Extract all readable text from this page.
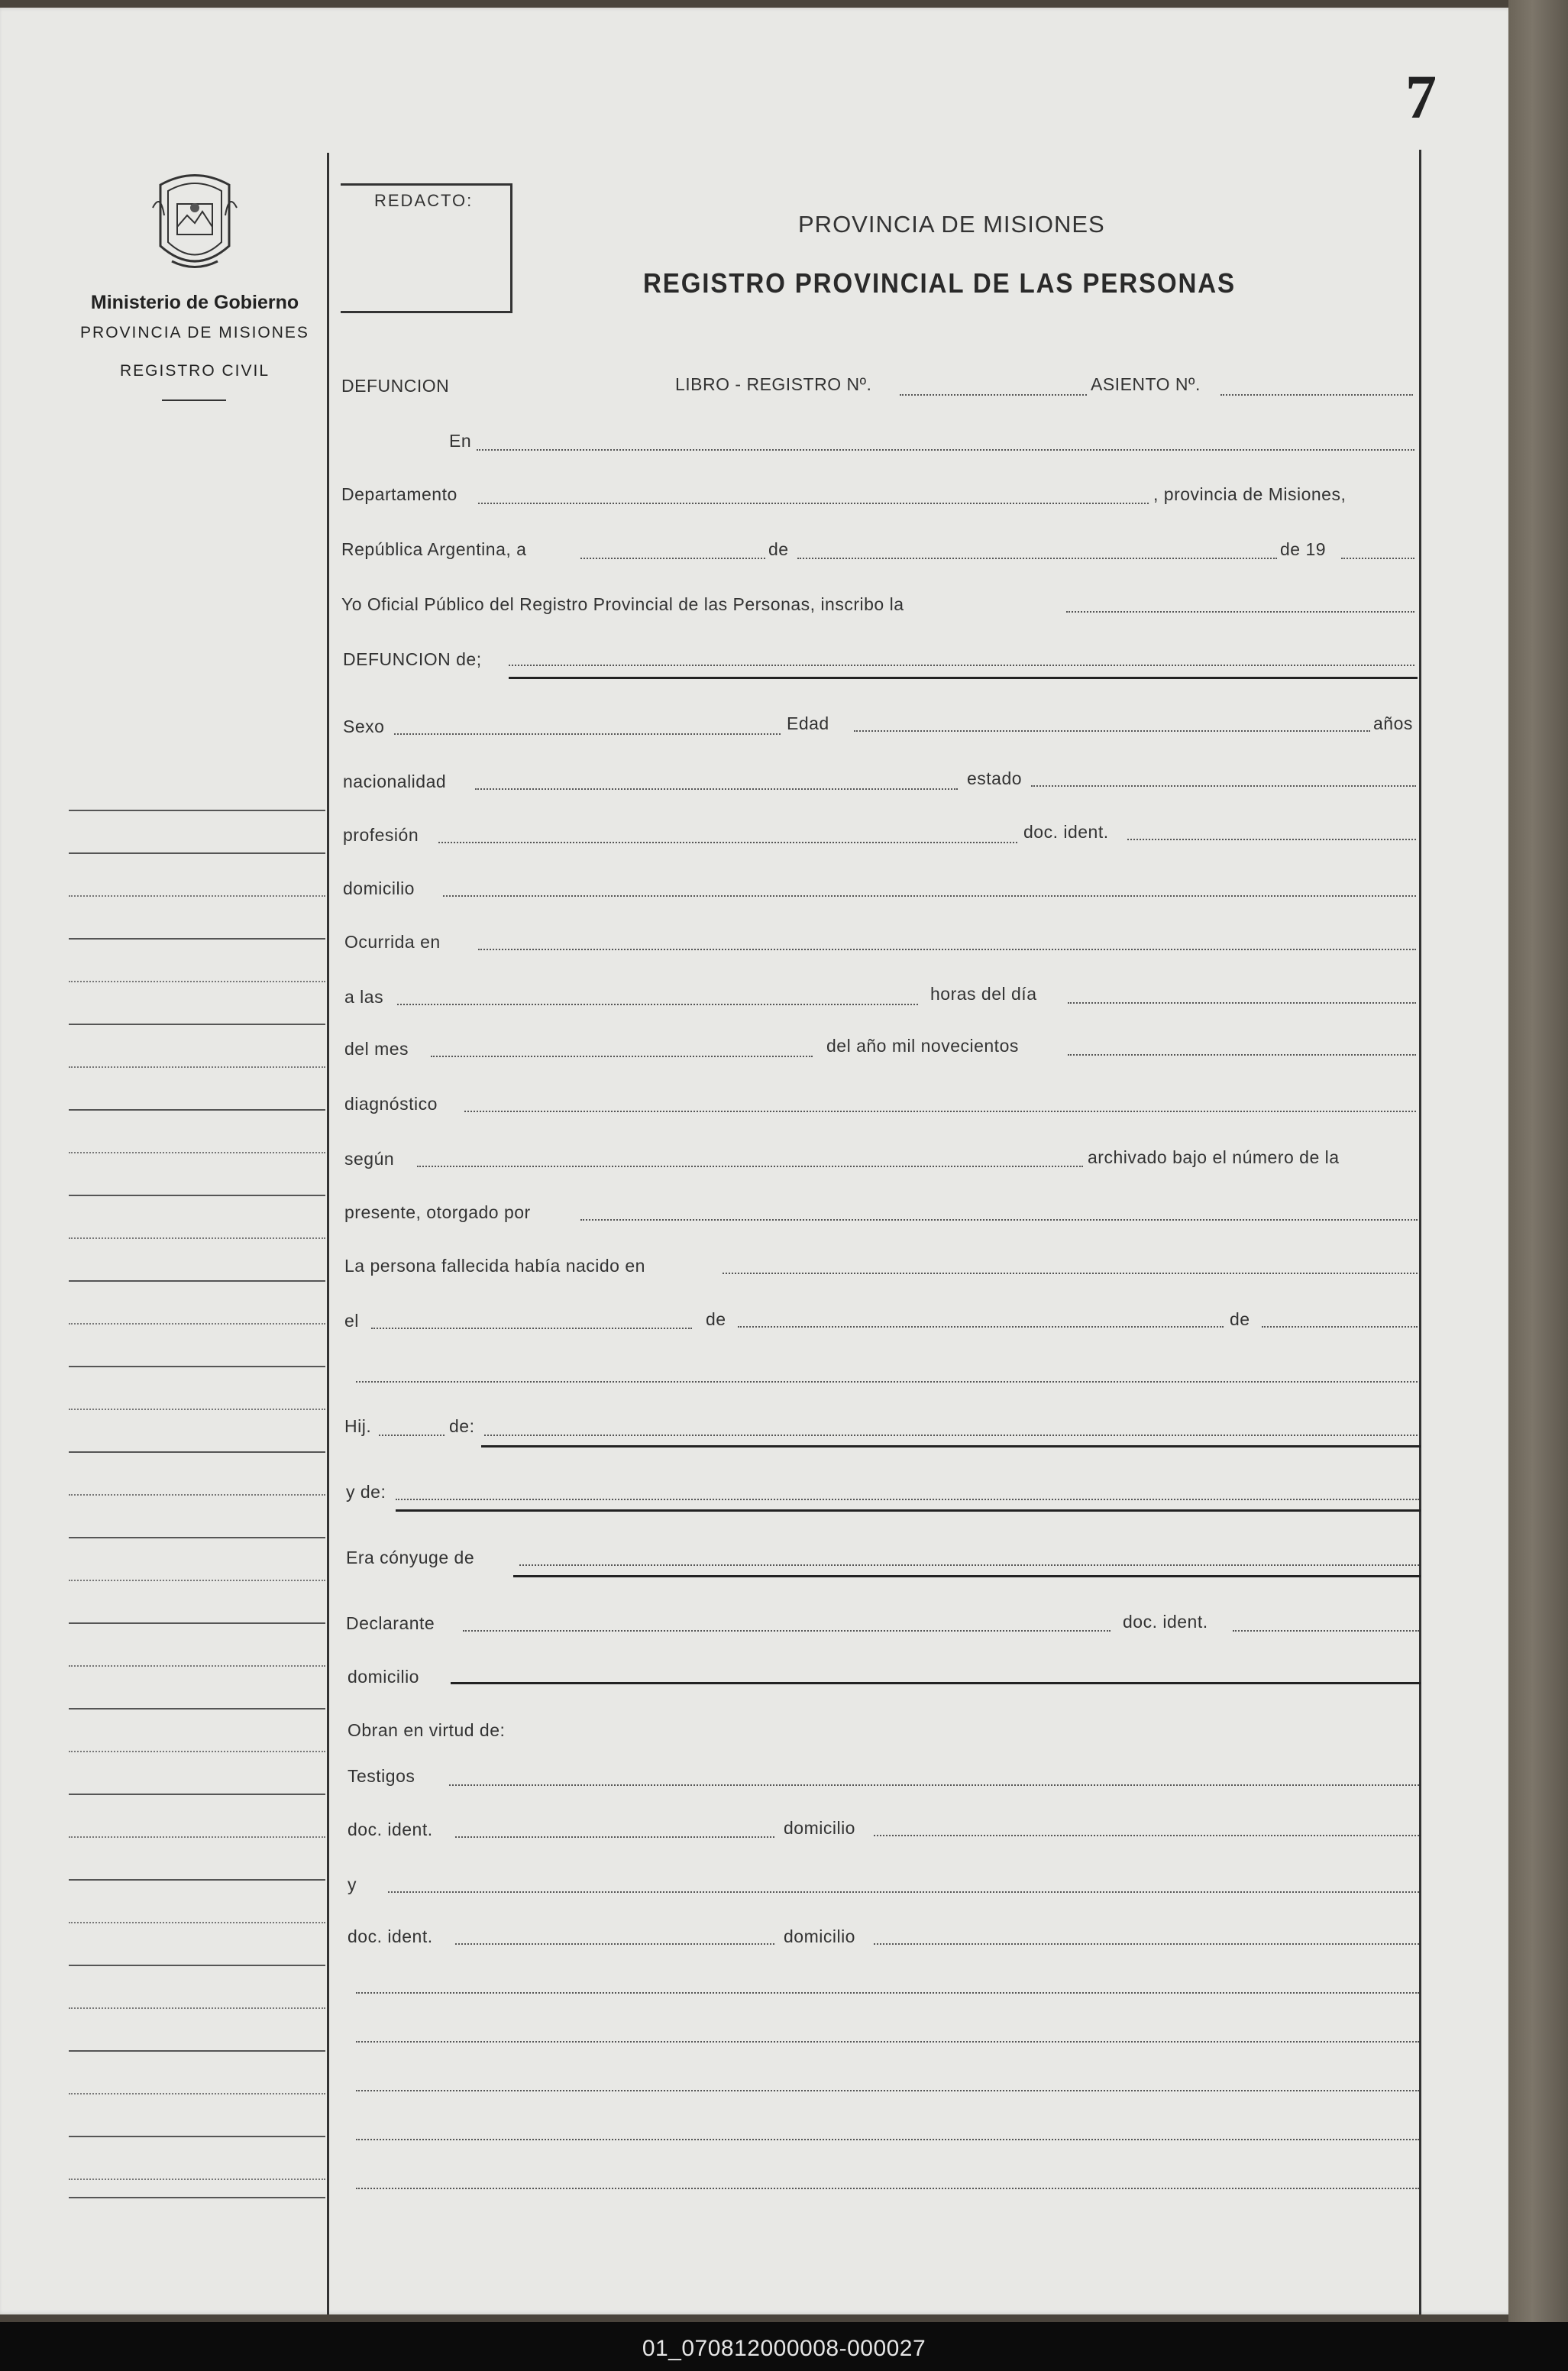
7
Ministerio de Gobierno
PROVINCIA DE MISIONES
REGISTRO CIVIL
REDACTO:
PROVINCIA DE MISIONES
REGISTRO PROVINCIAL DE LAS PERSONAS
DEFUNCION	LIBRO - REGISTRO Nº.	ASIENTO Nº.
En
Departamento	, provincia de Misiones,
República Argentina, a	de	de 19
Yo Oficial Público del Registro Provincial de las Personas, inscribo la
DEFUNCION de;
Sexo	Edad	años
nacionalidad	estado
profesión	doc. ident.
domicilio
Ocurrida en
a las	horas del día
del mes	del año mil novecientos
diagnóstico
según	archivado bajo el número de la
presente, otorgado por
La persona fallecida había nacido en
el	de	de
Hij.	de:
y de:
Era cónyuge de
Declarante	doc. ident.
domicilio
Obran en virtud de:
Testigos
doc. ident.	domicilio
y
doc. ident.	domicilio
01_070812000008-000027
